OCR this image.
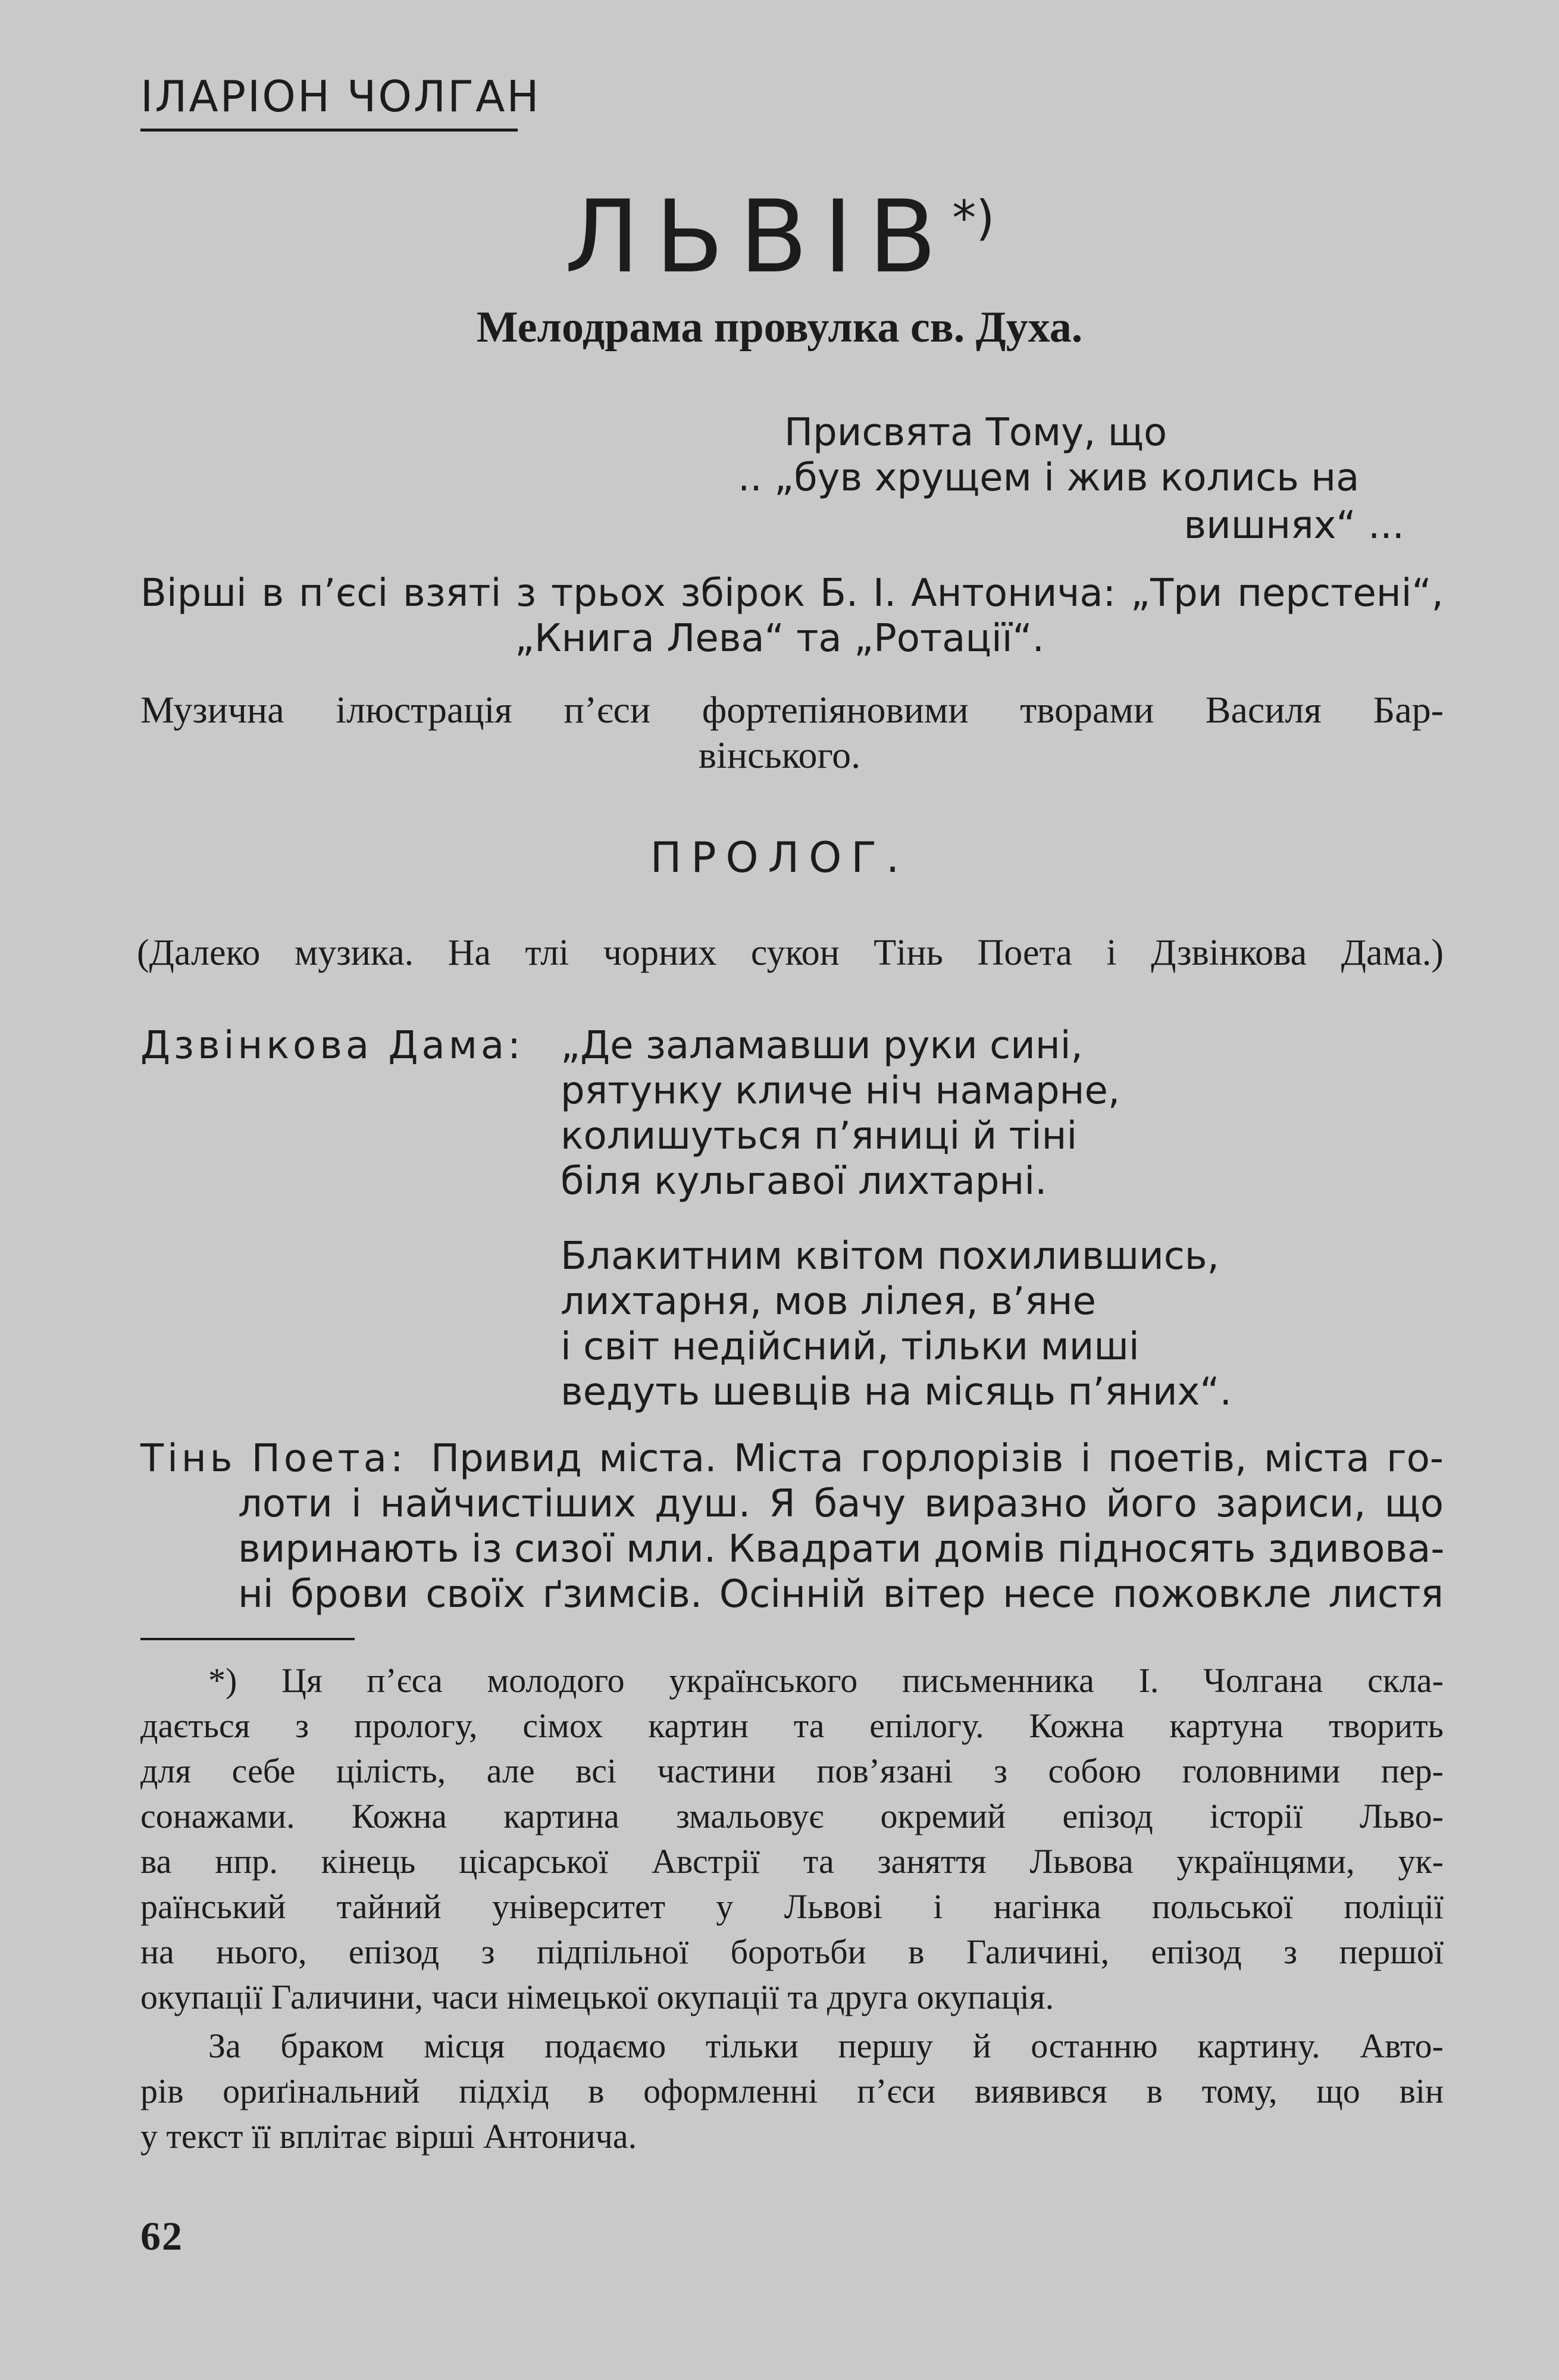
ІЛАРІОН ЧОЛГАН
ЛЬВІВ*)
Мелодрама провулка св. Духа.
Присвята Тому, що
.. „був хрущем і жив колись на
вишнях“ ...
Вірші в п’єсі взяті з трьох збірок Б. І. Антонича: „Три перстені“,
„Книга Лева“ та „Ротації“.
Музична ілюстрація п’єси фортепіяновими творами Василя Бар-
вінського.
ПРОЛОГ.
(Далеко музика. На тлі чорних сукон Тінь Поета і Дзвінкова Дама.)
Дзвінкова Дама: „Де заламавши руки сині,
рятунку кличе ніч намарне,
колишуться п’яниці й тіні
біля кульгавої лихтарні.
Блакитним квітом похилившись,
лихтарня, мов лілея, в’яне
і світ недійсний, тільки миші
ведуть шевців на місяць п’яних“.
Тінь Поета: Привид міста. Міста горлорізів і поетів, міста го-
лоти і найчистіших душ. Я бачу виразно його зариси, що
виринають із сизої мли. Квадрати домів підносять здивова-
ні брови своїх ґзимсів. Осінній вітер несе пожовкле листя
*) Ця п’єса молодого українського письменника І. Чолгана скла-
дається з прологу, сімох картин та епілогу. Кожна картуна творить
для себе цілість, але всі частини пов’язані з собою головними пер-
сонажами. Кожна картина змальовує окремий епізод історії Льво-
ва нпр. кінець цісарської Австрії та заняття Львова українцями, ук-
раїнський тайний університет у Львові і нагінка польської поліції
на нього, епізод з підпільної боротьби в Галичині, епізод з першої
окупації Галичини, часи німецької окупації та друга окупація.
За браком місця подаємо тільки першу й останню картину. Авто-
рів ориґінальний підхід в оформленні п’єси виявився в тому, що він
у текст її вплітає вірші Антонича.
62
